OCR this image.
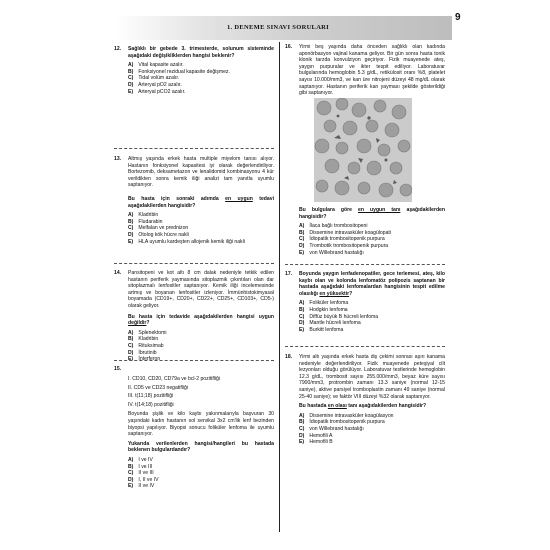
1. DENEME SINAVI SORULARI
9
12. Sağlıklı bir gebede 3. trimesterde, solunum sisteminde aşağıdaki değişikliklerden hangisi beklenir?
A) Vital kapasite azalır.
B) Fonksiyonel rezidual kapasite değişmez.
C) Tidal volüm azalır.
D) Arteryal pO2 azalır.
E) Arteryal pCO2 azalır.
13. Altmış yaşında erkek hasta multiple miyelom tanısı alıyor. Hastanın fonksiyonel kapasitesi iyi olarak değerlendiriliyor. Bortezomib, deksametazon ve lenalidomid kombinasyonu 4 kür verildikten sonra kemik iliği analizi tam yanıtla uyumlu saptanıyor.
Bu hasta için sonraki adımda en uygun tedavi aşağıdakilerden hangisidir?
A) Kladribin
B) Fludarabin
C) Melfalan ve prednizon
D) Otolog kök hücre nakli
E) HLA uyumlu kardeşten allojenik kemik iliği nakli
14. Pansitopeni ve kot altı 8 cm dalak nedeniyle tetkik edilen hastanın periferik yaymasında sitoplazmik çıkıntıları olan dar sitoplazmalı lenfositler saptanıyor. Kemik iliği incelemesinde artmış ve boyanan lenfositler izleniyor. İmmünhistokimyasal boyamada (CD19+, CD20+, CD22+, CD25+, CD103+, CD5-) olarak geliyor.
Bu hasta için tedavide aşağıdakilerden hangisi uygun değildir?
A) Splenektomi
B) Kladribin
C) Rituksimab
D) İbrutinib
E) İnterferon
15.
I. CD10, CD20, CD79a ve bcl-2 pozitifliği
II. CD5 ve CD23 negatifliği
III. t(11;18) pozitifliği
IV. t(14;18) pozitifliği
Boyunda şişlik ve kilo kaybı yakınmalarıyla başvuran 30 yaşındaki kadın hastanın sol servikal 3x2 cm'lik lenf bezinden biyopsi yapılıyor. Biyopsi sonucu foliküler lenfoma ile uyumlu saptanıyor.
Yukarıda verilenlerden hangisi/hangileri bu hastada beklenen bulgulardandır?
A) I ve IV
B) I ve III
C) II ve III
D) I, II ve IV
E) II ve IV
16. Yirmi beş yaşında daha önceden sağlıklı olan kadında aponörbasyon vajinal kanama geliyor. Bir gün sonra hasta tonik klonik tarzda konvulziyon geçiriyor. Fizik muayenede ateş, yaygın purpuralar ve ikter tespit ediliyor. Laboratuvar bulgularında hemoglobin 5.3 g/dL, retikülosit oranı %8, platelet sayısı 10.000/mm3, ve kan üre nitrojeni düzeyi 48 mg/dL olarak saptanıyor. Hastanın periferik kan yayması şekilde gösterildiği gibi saptanıyor.
Bu bulgulara göre en uygun tanı aşağıdakilerden hangisidir?
A) İlaca bağlı trombositopeni
B) Dissemine intravasküler koagülopati
C) İdiopatik trombositopenik purpura
D) Trombotik trombositopenik purpura
E) von Willebrand hastalığı
17. Boyunda yaygın lenfadenopatiler, gece terlemesi, ateş, kilo kaybı olan ve kolonda lenfomatöz polipozis saptanan bir hastada aşağıdaki lenfomalardan hangisinin tespit edilme olasılığı en yüksektir?
A) Foliküler lenfoma
B) Hodgkin lenfoma
C) Diffüz büyük B hücreli lenfoma
D) Mantle hücreli lenfoma
E) Burkitt lenfoma
18. Yirmi altı yaşında erkek hasta diş çekimi sonrası aşırı kanama nedeniyle değerlendiriliyor. Fizik muayenede peteşiyal cilt lezyonları olduğu görülüyor. Laboratuvar testlerinde hemoglobin 12.3 g/dL, trombosit sayısı 255.000/mm3, beyaz küre sayısı 7900/mm3, protrombin zamanı 13.3 saniye (normal 12-15 saniye), aktive parsiyel tromboplastin zamanı 49 saniye (normal 25-40 saniye); ve faktör VIII düzeyi %32 olarak saptanıyor.
Bu hastada en olası tanı aşağıdakilerden hangisidir?
A) Dissemine intravasküler koagülasyon
B) İdiopatik trombositopenik purpura
C) von Willebrand hastalığı
D) Hemofili A
E) Hemofili B
